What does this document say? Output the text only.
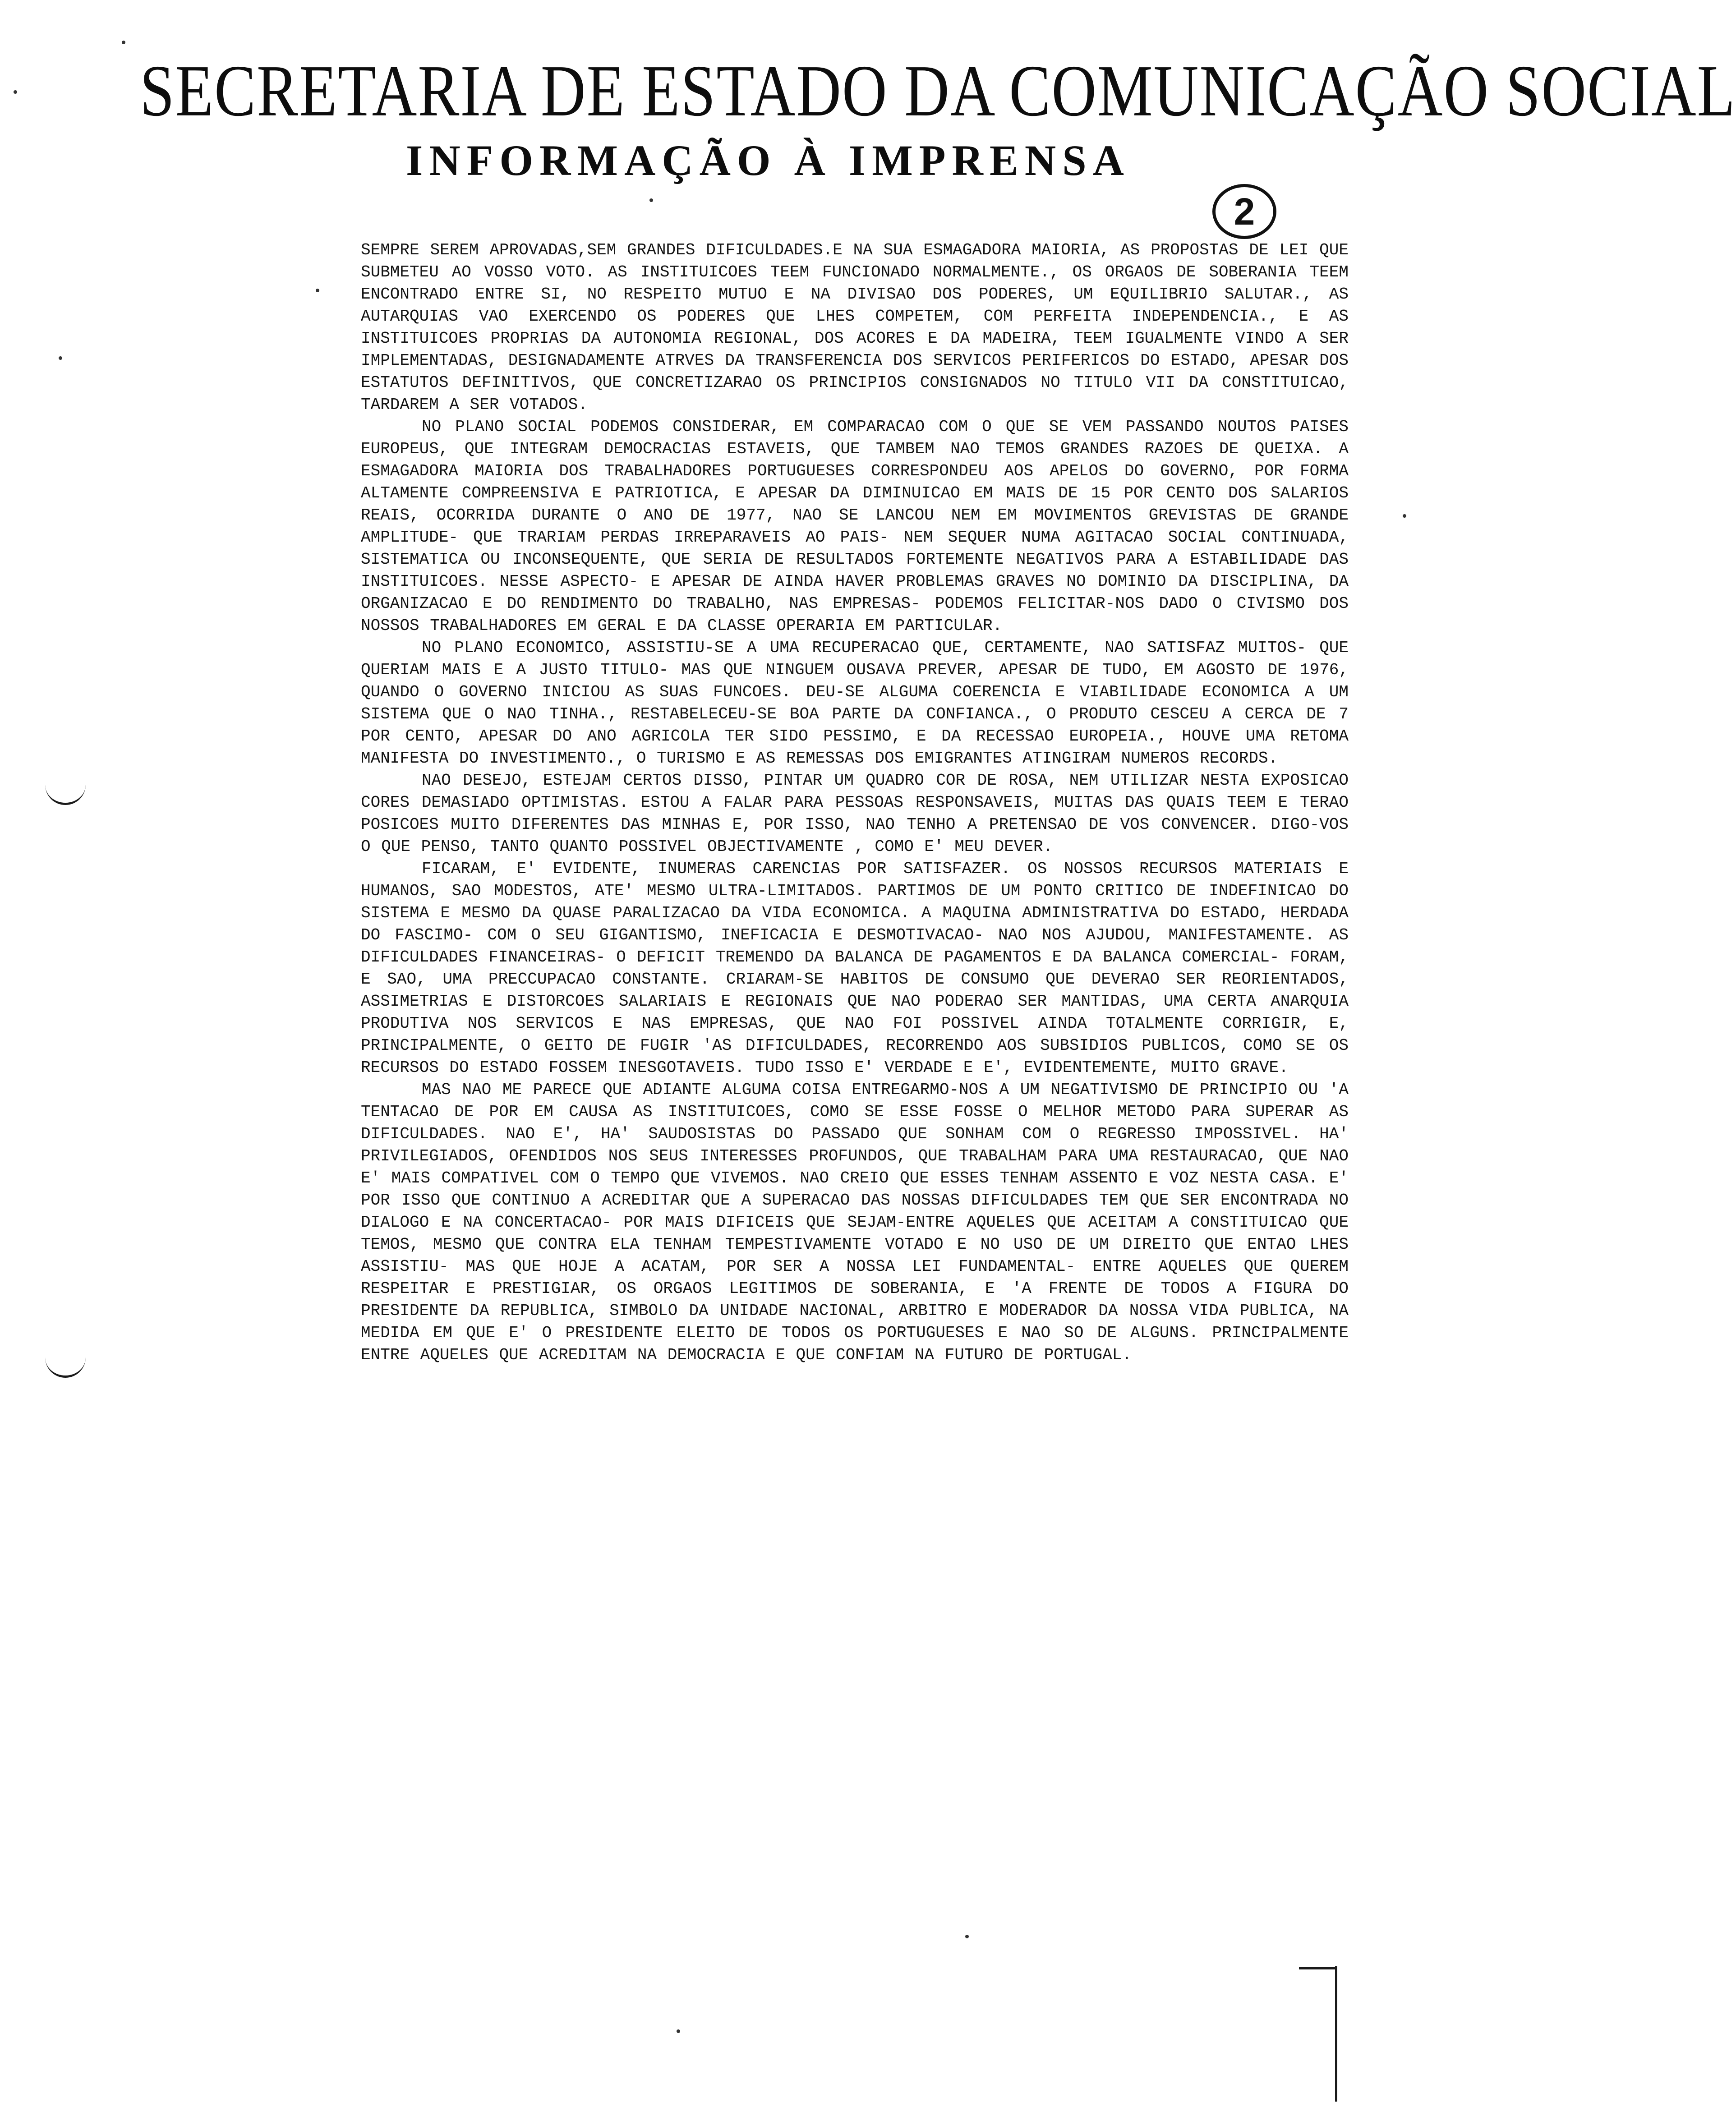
SECRETARIA DE ESTADO DA COMUNICAÇÃO SOCIAL
INFORMAÇÃO À IMPRENSA
2

SEMPRE SEREM APROVADAS,SEM GRANDES DIFICULDADES.E NA SUA ESMAGADORA MAIORIA, AS PROPOSTAS DE LEI QUE SUBMETEU AO VOSSO VOTO. AS INSTITUICOES TEEM FUNCIONADO NORMALMENTE., OS ORGAOS DE SOBERANIA TEEM ENCONTRADO ENTRE SI, NO RESPEITO MUTUO E NA DIVISAO DOS PODERES, UM EQUILIBRIO SALUTAR., AS AUTARQUIAS VAO EXERCENDO OS PODERES QUE LHES COMPETEM, COM PERFEITA INDEPENDENCIA., E AS INSTITUICOES PROPRIAS DA AUTONOMIA REGIONAL, DOS ACORES E DA MADEIRA, TEEM IGUALMENTE VINDO A SER IMPLEMENTADAS, DESIGNADAMENTE ATRVES DA TRANSFERENCIA DOS SERVICOS PERIFERICOS DO ESTADO, APESAR DOS ESTATUTOS DEFINITIVOS, QUE CONCRETIZARAO OS PRINCIPIOS CONSIGNADOS NO TITULO VII DA CONSTITUICAO, TARDAREM A SER VOTADOS.

NO PLANO SOCIAL PODEMOS CONSIDERAR, EM COMPARACAO COM O QUE SE VEM PASSANDO NOUTOS PAISES EUROPEUS, QUE INTEGRAM DEMOCRACIAS ESTAVEIS, QUE TAMBEM NAO TEMOS GRANDES RAZOES DE QUEIXA. A ESMAGADORA MAIORIA DOS TRABALHADORES PORTUGUESES CORRESPONDEU AOS APELOS DO GOVERNO, POR FORMA ALTAMENTE COMPREENSIVA E PATRIOTICA, E APESAR DA DIMINUICAO EM MAIS DE 15 POR CENTO DOS SALARIOS REAIS, OCORRIDA DURANTE O ANO DE 1977, NAO SE LANCOU NEM EM MOVIMENTOS GREVISTAS DE GRANDE AMPLITUDE- QUE TRARIAM PERDAS IRREPARAVEIS AO PAIS- NEM SEQUER NUMA AGITACAO SOCIAL CONTINUADA, SISTEMATICA OU INCONSEQUENTE, QUE SERIA DE RESULTADOS FORTEMENTE NEGATIVOS PARA A ESTABILIDADE DAS INSTITUICOES. NESSE ASPECTO- E APESAR DE AINDA HAVER PROBLEMAS GRAVES NO DOMINIO DA DISCIPLINA, DA ORGANIZACAO E DO RENDIMENTO DO TRABALHO, NAS EMPRESAS- PODEMOS FELICITAR-NOS DADO O CIVISMO DOS NOSSOS TRABALHADORES EM GERAL E DA CLASSE OPERARIA EM PARTICULAR.

NO PLANO ECONOMICO, ASSISTIU-SE A UMA RECUPERACAO QUE, CERTAMENTE, NAO SATISFAZ MUITOS- QUE QUERIAM MAIS E A JUSTO TITULO- MAS QUE NINGUEM OUSAVA PREVER, APESAR DE TUDO, EM AGOSTO DE 1976, QUANDO O GOVERNO INICIOU AS SUAS FUNCOES. DEU-SE ALGUMA COERENCIA E VIABILIDADE ECONOMICA A UM SISTEMA QUE O NAO TINHA., RESTABELECEU-SE BOA PARTE DA CONFIANCA., O PRODUTO CESCEU A CERCA DE 7 POR CENTO, APESAR DO ANO AGRICOLA TER SIDO PESSIMO, E DA RECESSAO EUROPEIA., HOUVE UMA RETOMA MANIFESTA DO INVESTIMENTO., O TURISMO E AS REMESSAS DOS EMIGRANTES ATINGIRAM NUMEROS RECORDS.

NAO DESEJO, ESTEJAM CERTOS DISSO, PINTAR UM QUADRO COR DE ROSA, NEM UTILIZAR NESTA EXPOSICAO CORES DEMASIADO OPTIMISTAS. ESTOU A FALAR PARA PESSOAS RESPONSAVEIS, MUITAS DAS QUAIS TEEM E TERAO POSICOES MUITO DIFERENTES DAS MINHAS E, POR ISSO, NAO TENHO A PRETENSAO DE VOS CONVENCER. DIGO-VOS O QUE PENSO, TANTO QUANTO POSSIVEL OBJECTIVAMENTE , COMO E' MEU DEVER.

FICARAM, E' EVIDENTE, INUMERAS CARENCIAS POR SATISFAZER. OS NOSSOS RECURSOS MATERIAIS E HUMANOS, SAO MODESTOS, ATE' MESMO ULTRA-LIMITADOS. PARTIMOS DE UM PONTO CRITICO DE INDEFINICAO DO SISTEMA E MESMO DA QUASE PARALIZACAO DA VIDA ECONOMICA. A MAQUINA ADMINISTRATIVA DO ESTADO, HERDADA DO FASCIMO- COM O SEU GIGANTISMO, INEFICACIA E DESMOTIVACAO- NAO NOS AJUDOU, MANIFESTAMENTE. AS DIFICULDADES FINANCEIRAS- O DEFICIT TREMENDO DA BALANCA DE PAGAMENTOS E DA BALANCA COMERCIAL- FORAM, E SAO, UMA PRECCUPACAO CONSTANTE. CRIARAM-SE HABITOS DE CONSUMO QUE DEVERAO SER REORIENTADOS, ASSIMETRIAS E DISTORCOES SALARIAIS E REGIONAIS QUE NAO PODERAO SER MANTIDAS, UMA CERTA ANARQUIA PRODUTIVA NOS SERVICOS E NAS EMPRESAS, QUE NAO FOI POSSIVEL AINDA TOTALMENTE CORRIGIR, E, PRINCIPALMENTE, O GEITO DE FUGIR 'AS DIFICULDADES, RECORRENDO AOS SUBSIDIOS PUBLICOS, COMO SE OS RECURSOS DO ESTADO FOSSEM INESGOTAVEIS. TUDO ISSO E' VERDADE E E', EVIDENTEMENTE, MUITO GRAVE.

MAS NAO ME PARECE QUE ADIANTE ALGUMA COISA ENTREGARMO-NOS A UM NEGATIVISMO DE PRINCIPIO OU 'A TENTACAO DE POR EM CAUSA AS INSTITUICOES, COMO SE ESSE FOSSE O MELHOR METODO PARA SUPERAR AS DIFICULDADES. NAO E', HA' SAUDOSISTAS DO PASSADO QUE SONHAM COM O REGRESSO IMPOSSIVEL. HA' PRIVILEGIADOS, OFENDIDOS NOS SEUS INTERESSES PROFUNDOS, QUE TRABALHAM PARA UMA RESTAURACAO, QUE NAO E' MAIS COMPATIVEL COM O TEMPO QUE VIVEMOS. NAO CREIO QUE ESSES TENHAM ASSENTO E VOZ NESTA CASA. E' POR ISSO QUE CONTINUO A ACREDITAR QUE A SUPERACAO DAS NOSSAS DIFICULDADES TEM QUE SER ENCONTRADA NO DIALOGO E NA CONCERTACAO- POR MAIS DIFICEIS QUE SEJAM-ENTRE AQUELES QUE ACEITAM A CONSTITUICAO QUE TEMOS, MESMO QUE CONTRA ELA TENHAM TEMPESTIVAMENTE VOTADO E NO USO DE UM DIREITO QUE ENTAO LHES ASSISTIU- MAS QUE HOJE A ACATAM, POR SER A NOSSA LEI FUNDAMENTAL- ENTRE AQUELES QUE QUEREM RESPEITAR E PRESTIGIAR, OS ORGAOS LEGITIMOS DE SOBERANIA, E 'A FRENTE DE TODOS A FIGURA DO PRESIDENTE DA REPUBLICA, SIMBOLO DA UNIDADE NACIONAL, ARBITRO E MODERADOR DA NOSSA VIDA PUBLICA, NA MEDIDA EM QUE E' O PRESIDENTE ELEITO DE TODOS OS PORTUGUESES E NAO SO DE ALGUNS. PRINCIPALMENTE ENTRE AQUELES QUE ACREDITAM NA DEMOCRACIA E QUE CONFIAM NA FUTURO DE PORTUGAL.
